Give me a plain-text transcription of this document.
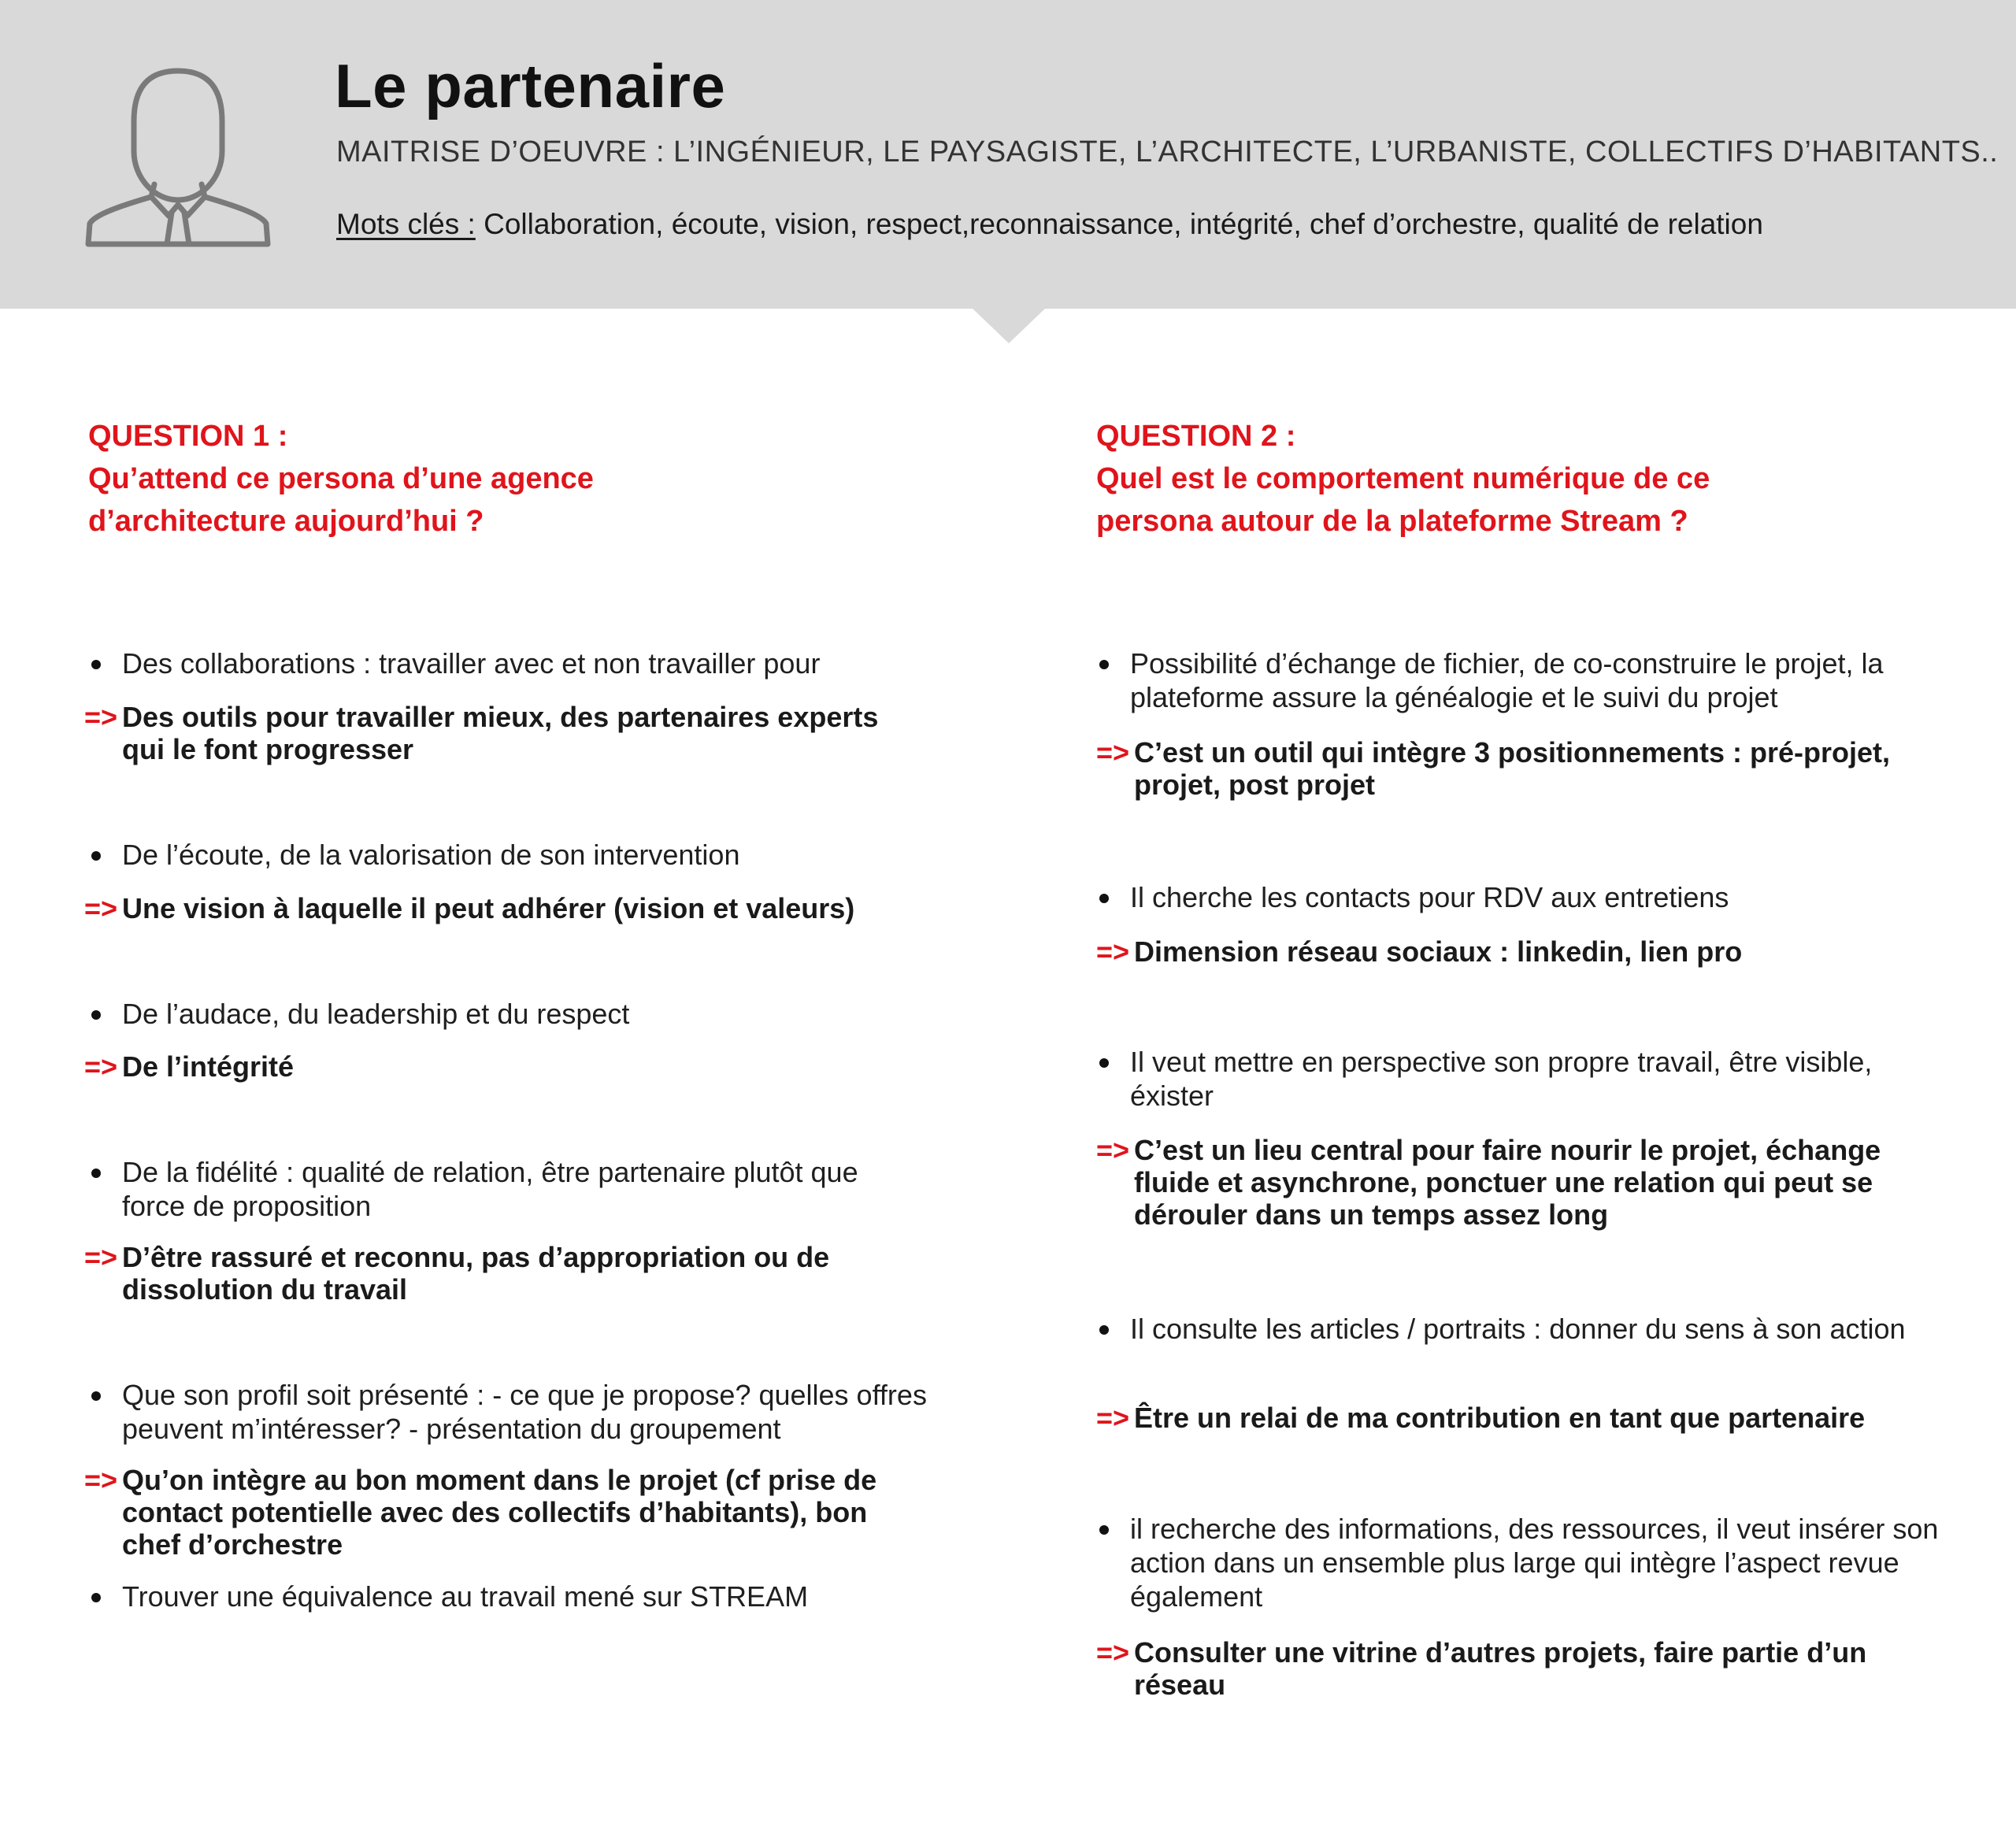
Le partenaire
MAITRISE D’OEUVRE : L’INGÉNIEUR, LE PAYSAGISTE, L’ARCHITECTE, L’URBANISTE, COLLECTIFS D’HABITANTS..
Mots clés : Collaboration, écoute, vision, respect,reconnaissance, intégrité, chef d’orchestre, qualité de relation
QUESTION 1 :
Qu’attend ce persona d’une agence
d’architecture aujourd’hui ?
Des collaborations : travailler avec et non travailler pour
=> Des outils pour travailler mieux, des partenaires experts qui le font progresser
De l’écoute, de la valorisation de son intervention
=> Une vision à laquelle il peut adhérer (vision et valeurs)
De l’audace, du leadership et du respect
=> De l’intégrité
De la fidélité : qualité de relation, être partenaire plutôt que force de proposition
=> D’être rassuré et reconnu, pas d’appropriation ou de dissolution du travail
Que son profil soit présenté : - ce que je propose? quelles offres peuvent m’intéresser? - présentation du groupement
=> Qu’on intègre au bon moment dans le projet (cf prise de contact potentielle avec des collectifs d’habitants), bon chef d’orchestre
Trouver une équivalence au travail mené sur STREAM
QUESTION 2 :
Quel est le comportement numérique de ce
persona autour de la plateforme Stream ?
Possibilité d’échange de fichier, de co-construire le projet, la plateforme assure la généalogie et le suivi du projet
=> C’est un outil qui intègre 3 positionnements : pré-projet, projet, post projet
Il cherche les contacts pour RDV aux entretiens
=> Dimension réseau sociaux : linkedin, lien pro
Il veut mettre en perspective son propre travail, être visible, éxister
=> C’est un lieu central pour faire nourir le projet, échange fluide et asynchrone, ponctuer une relation qui peut se dérouler dans un temps assez long
Il consulte les articles / portraits : donner du sens à son action
=> Être un relai de ma contribution en tant que partenaire
il recherche des informations, des ressources, il veut insérer son action dans un ensemble plus large qui intègre l’aspect revue également
=> Consulter une vitrine d’autres projets, faire partie d’un réseau
